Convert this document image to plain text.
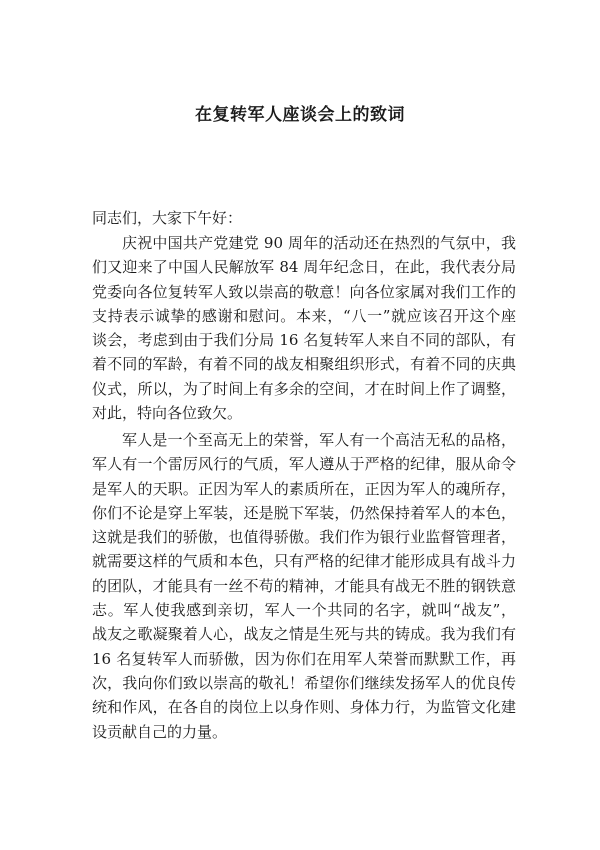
在复转军人座谈会上的致词

同志们，大家下午好：

庆祝中国共产党建党 90 周年的活动还在热烈的气氛中，我
们又迎来了中国人民解放军 84 周年纪念日，在此，我代表分局
党委向各位复转军人致以崇高的敬意！向各位家属对我们工作的
支持表示诚挚的感谢和慰问。本来，“八一”就应该召开这个座
谈会，考虑到由于我们分局 16 名复转军人来自不同的部队，有
着不同的军龄，有着不同的战友相聚组织形式，有着不同的庆典
仪式，所以，为了时间上有多余的空间，才在时间上作了调整，
对此，特向各位致欠。
军人是一个至高无上的荣誉，军人有一个高洁无私的品格，
军人有一个雷厉风行的气质，军人遵从于严格的纪律，服从命令
是军人的天职。正因为军人的素质所在，正因为军人的魂所存，
你们不论是穿上军装，还是脱下军装，仍然保持着军人的本色，
这就是我们的骄傲，也值得骄傲。我们作为银行业监督管理者，
就需要这样的气质和本色，只有严格的纪律才能形成具有战斗力
的团队，才能具有一丝不苟的精神，才能具有战无不胜的钢铁意
志。军人使我感到亲切，军人一个共同的名字，就叫“战友”，
战友之歌凝聚着人心，战友之情是生死与共的铸成。我为我们有
16 名复转军人而骄傲，因为你们在用军人荣誉而默默工作，再
次，我向你们致以崇高的敬礼！希望你们继续发扬军人的优良传
统和作风，在各自的岗位上以身作则、身体力行，为监管文化建
设贡献自己的力量。
